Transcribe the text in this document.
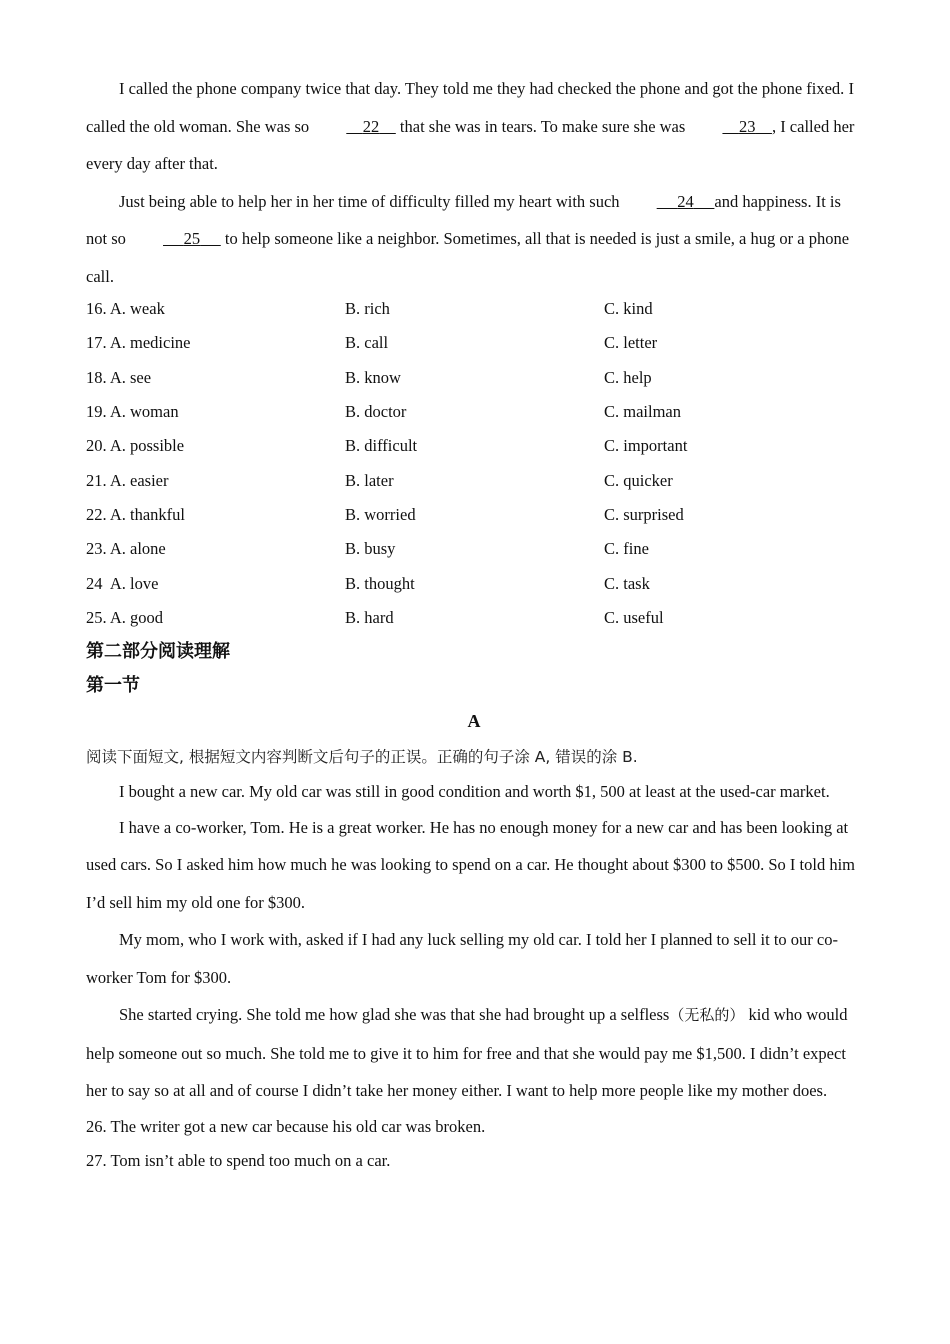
I called the phone company twice that day. They told me they had checked the phone and got the phone fixed. I called the old woman. She was so	22 that she was in tears. To make sure she was	23 , I called her every day after that.

Just being able to help her in her time of difficulty filled my heart with such	24 and happiness. It is not so	25 to help someone like a neighbor. Sometimes, all that is needed is just a smile, a hug or a phone call.

16. A. weak	B. rich	C. kind
17. A. medicine	B. call	C. letter
18. A. see	B. know	C. help
19. A. woman	B. doctor	C. mailman
20. A. possible	B. difficult	C. important
21. A. easier	B. later	C. quicker
22. A. thankful	B. worried	C. surprised
23. A. alone	B. busy	C. fine
24  A. love	B. thought	C. task
25. A. good	B. hard	C. useful
第二部分阅读理解
第一节
A
阅读下面短文, 根据短文内容判断文后句子的正误。正确的句子涂 A, 错误的涂 B.

I bought a new car. My old car was still in good condition and worth $1, 500 at least at the used-car market.

I have a co-worker, Tom. He is a great worker. He has no enough money for a new car and has been looking at used cars. So I asked him how much he was looking to spend on a car. He thought about $300 to $500. So I told him I’d sell him my old one for $300.

My mom, who I work with, asked if I had any luck selling my old car. I told her I planned to sell it to our co-worker Tom for $300.

She started crying. She told me how glad she was that she had brought up a selfless（无私的） kid who would help someone out so much. She told me to give it to him for free and that she would pay me $1,500. I didn’t expect her to say so at all and of course I didn’t take her money either. I want to help more people like my mother does.

26. The writer got a new car because his old car was broken.
27. Tom isn’t able to spend too much on a car.
